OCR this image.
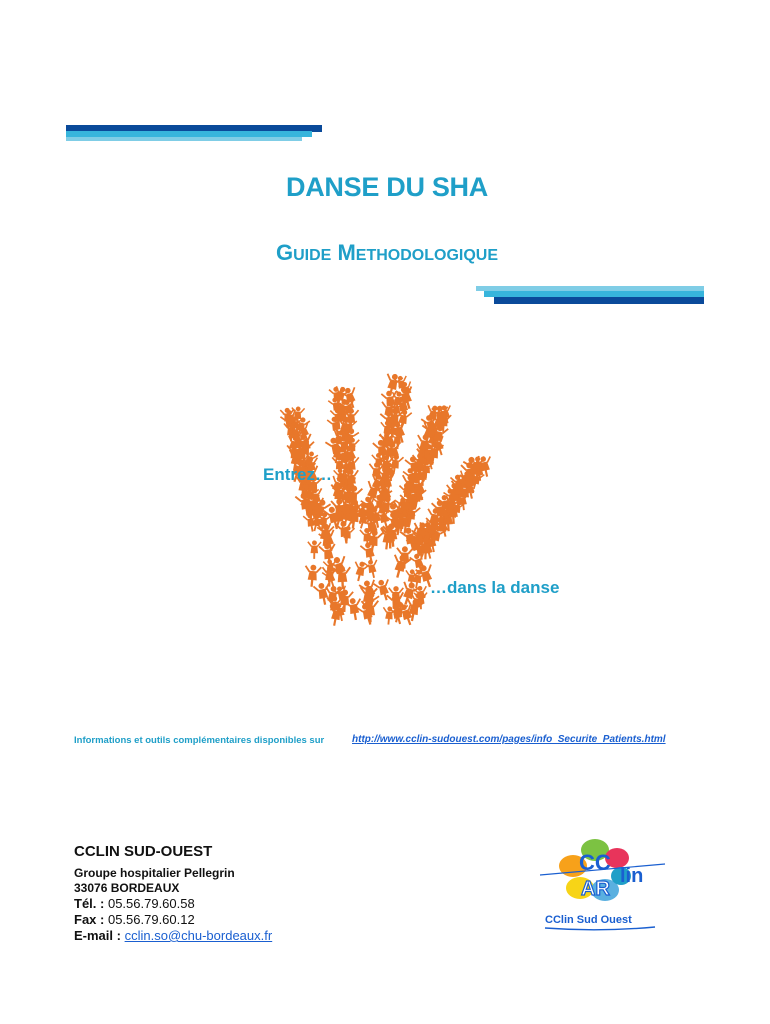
DANSE DU SHA
GUIDE METHODOLOGIQUE
Entrez…
…dans la danse
Informations et outils complémentaires disponibles sur	http://www.cclin-sudouest.com/pages/info_Securite_Patients.html
CCLIN SUD-OUEST
Groupe hospitalier Pellegrin
33076 BORDEAUX
Tél. : 05.56.79.60.58
Fax : 05.56.79.60.12
E-mail : cclin.so@chu-bordeaux.fr
CC
lin
AR
CClin Sud Ouest
